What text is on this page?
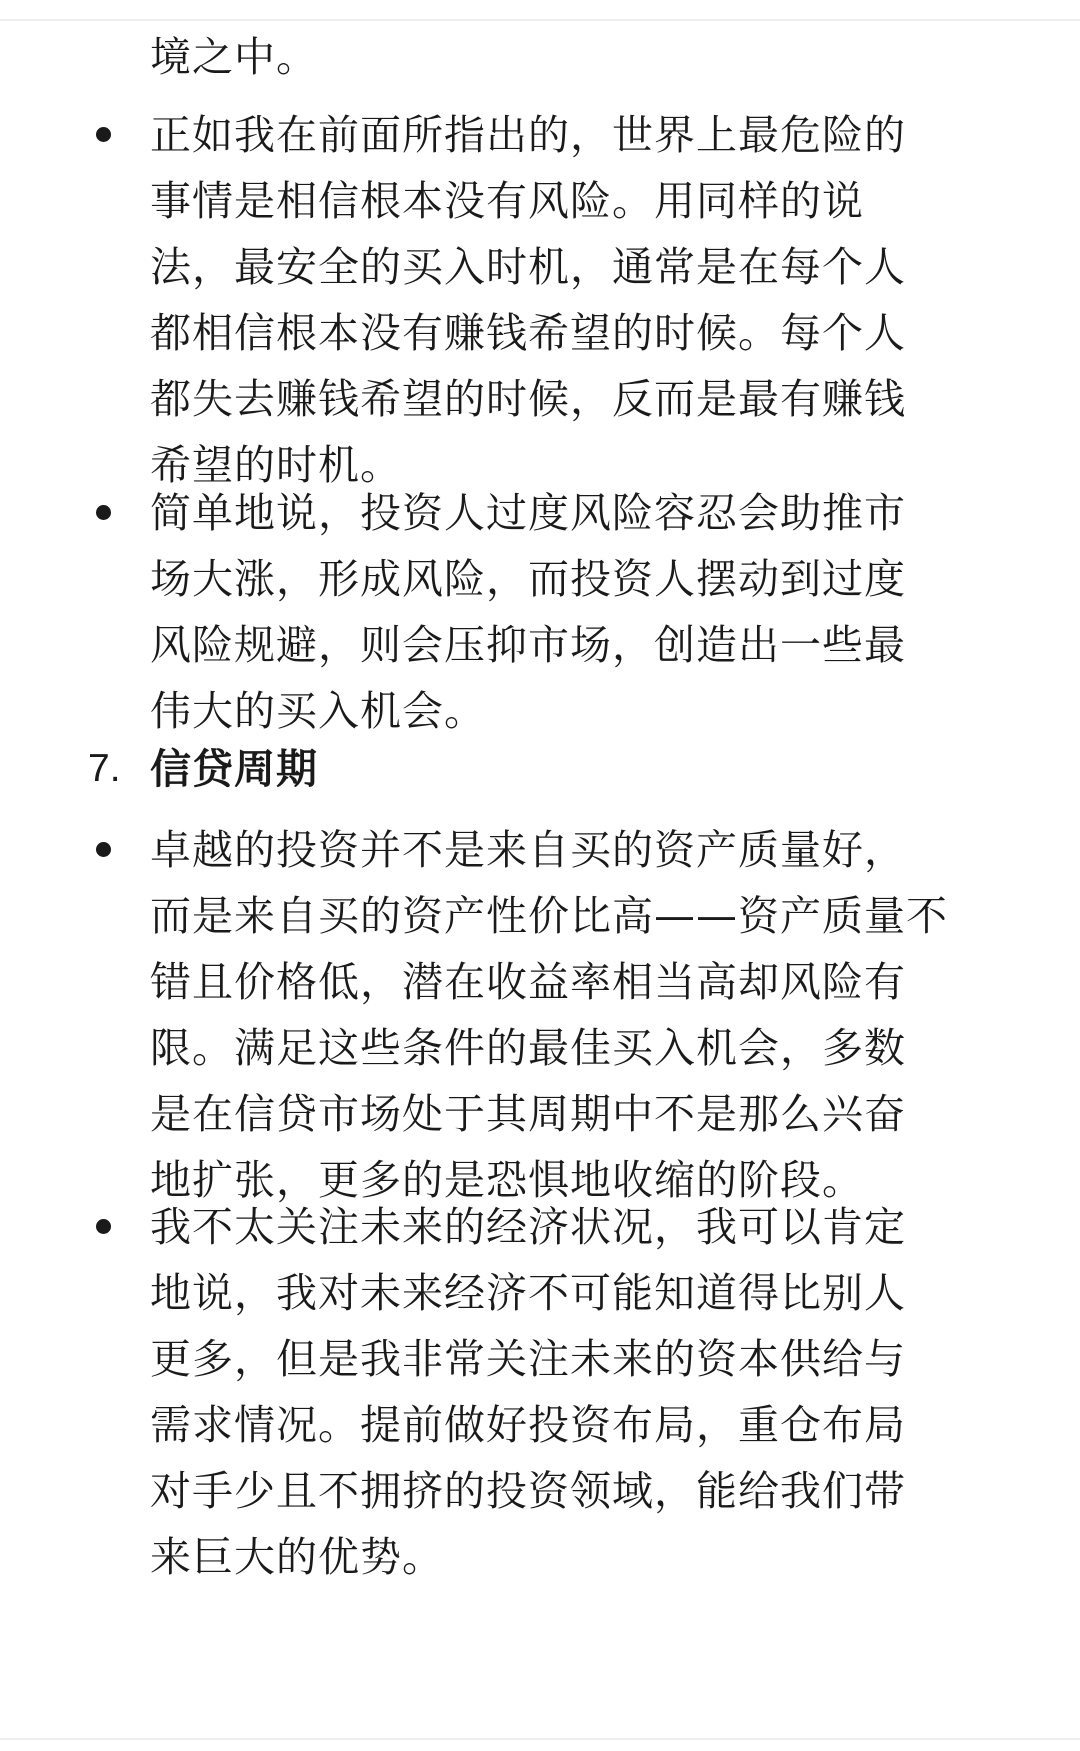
境之中。
正如我在前面所指出的，世界上最危险的
事情是相信根本没有风险。用同样的说
法，最安全的买入时机，通常是在每个人
都相信根本没有赚钱希望的时候。每个人
都失去赚钱希望的时候，反而是最有赚钱
希望的时机。
简单地说，投资人过度风险容忍会助推市
场大涨，形成风险，而投资人摆动到过度
风险规避，则会压抑市场，创造出一些最
伟大的买入机会。
7. 信贷周期
卓越的投资并不是来自买的资产质量好，
而是来自买的资产性价比高——资产质量不
错且价格低，潜在收益率相当高却风险有
限。满足这些条件的最佳买入机会，多数
是在信贷市场处于其周期中不是那么兴奋
地扩张，更多的是恐惧地收缩的阶段。
我不太关注未来的经济状况，我可以肯定
地说，我对未来经济不可能知道得比别人
更多，但是我非常关注未来的资本供给与
需求情况。提前做好投资布局，重仓布局
对手少且不拥挤的投资领域，能给我们带
来巨大的优势。
